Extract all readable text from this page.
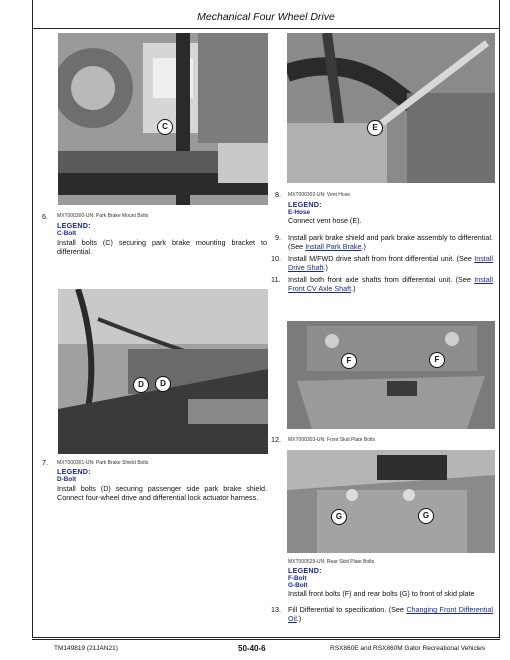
Mechanical Four Wheel Drive
C	E
6. MXT000300-UN: Park Brake Mount Bolts
LEGEND:
C-Bolt
Install bolts (C) securing park brake mounting bracket to differential.
8. MXT000302-UN: Vent Hose
LEGEND:
E-Hose
Connect vent hose (E).
9. Install park brake shield and park brake assembly to differential. (See Install Park Brake.)
10. Install M/FWD drive shaft from front differential unit. (See Install Drive Shaft.)
11. Install both front axle shafts from differential unit. (See Install Front CV Axle Shaft.)
D	D
F	F
12. MXT000303-UN: Front Skid Plate Bolts
G	G
MXT000529-UN: Rear Skid Plate Bolts
LEGEND:
F-Bolt
G-Bolt
Install front bolts (F) and rear bolts (G) to front of skid plate
13. Fill Differential to specification. (See Changing Front Differential Oil.)
7. MXT000301-UN: Park Brake Shield Bolts
LEGEND:
D-Bolt
Install bolts (D) securing passenger side park brake shield. Connect four-wheel drive and differential lock actuator harness.
TM149819 (21JAN21)	50-40-6	RSX860E and RSX860M Gator Recreational Vehicles
